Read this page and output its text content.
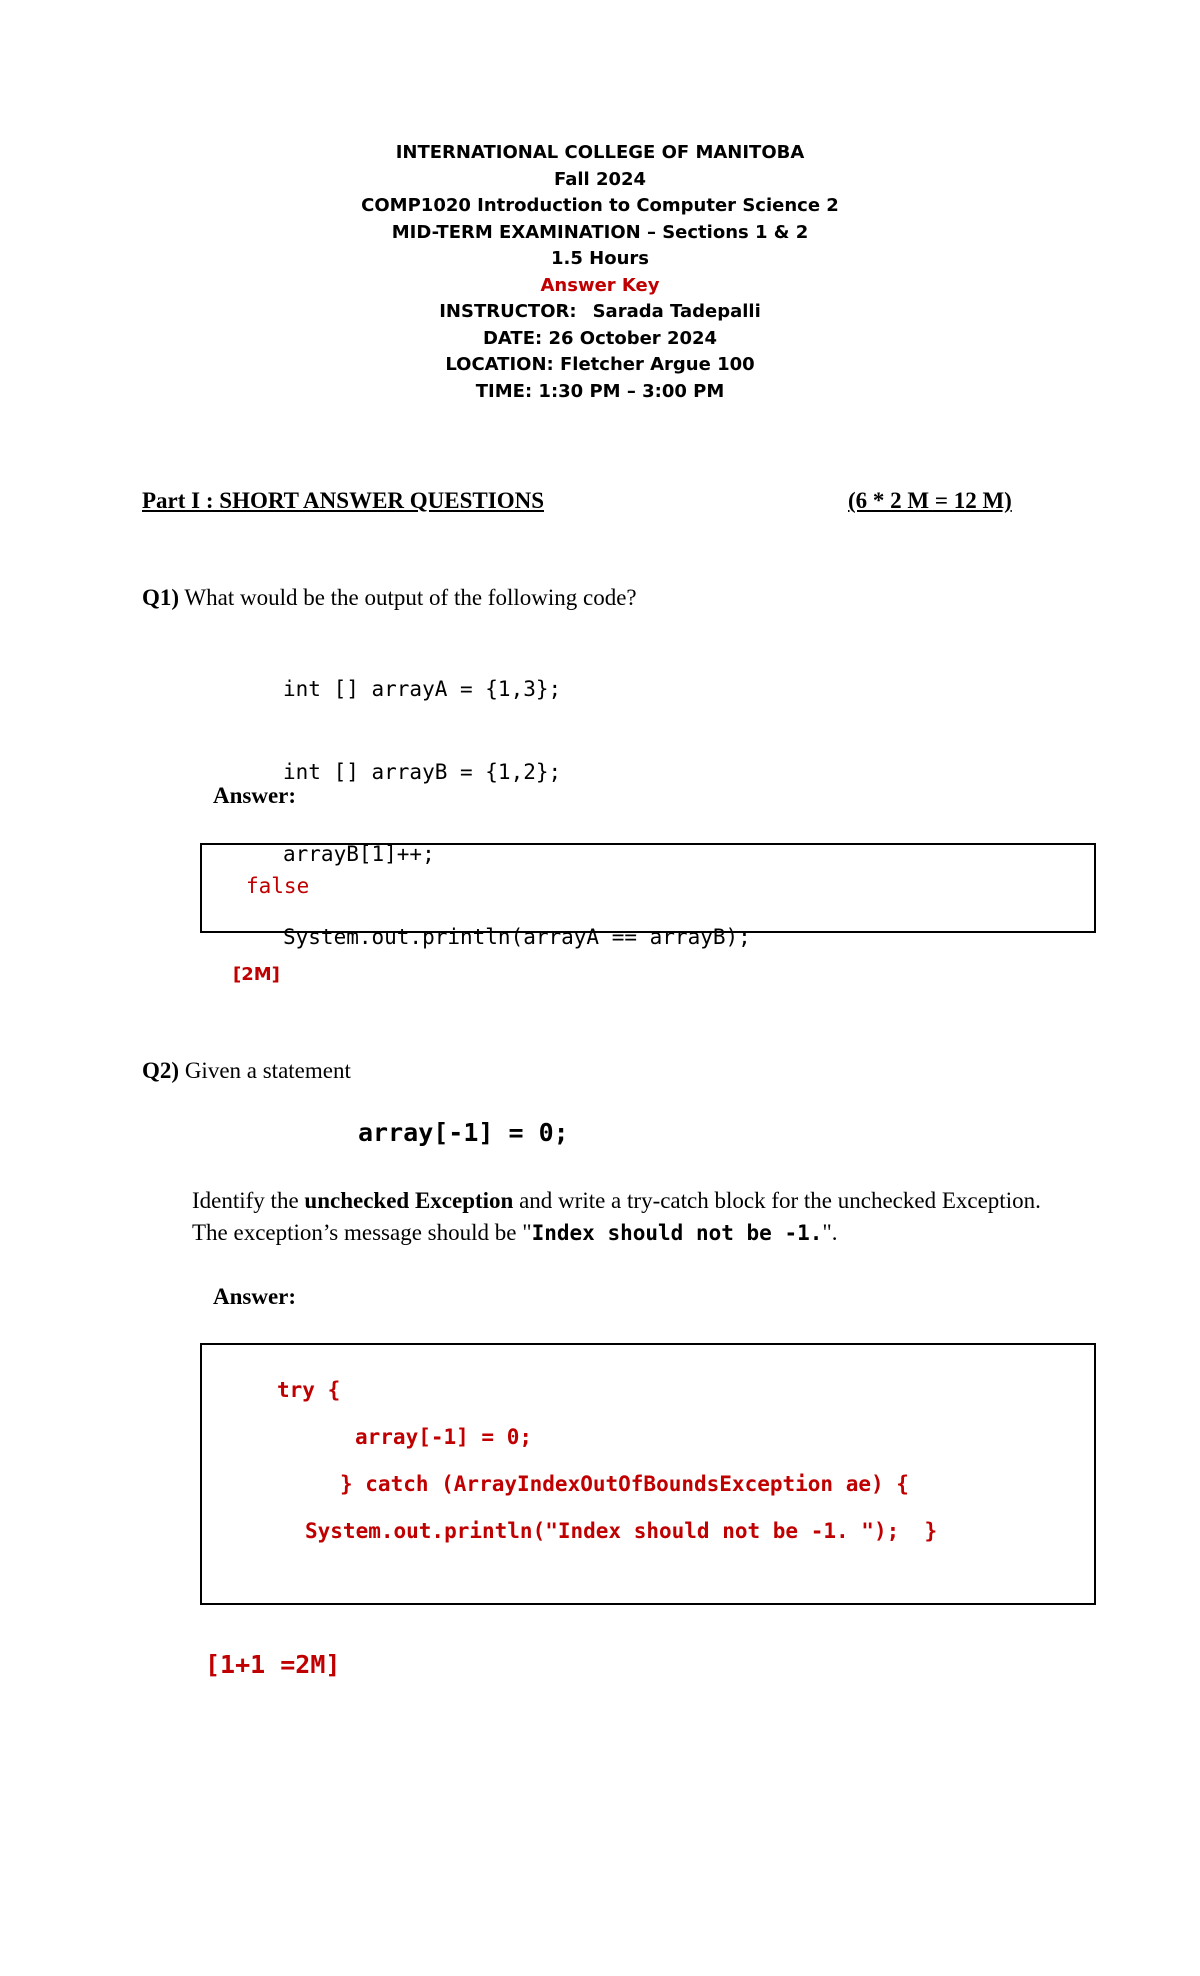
INTERNATIONAL COLLEGE OF MANITOBA
Fall 2024
COMP1020 Introduction to Computer Science 2
MID-TERM EXAMINATION – Sections 1 & 2
1.5 Hours
Answer Key
INSTRUCTOR: Sarada Tadepalli
DATE: 26 October 2024
LOCATION: Fletcher Argue 100
TIME: 1:30 PM – 3:00 PM
Part I : SHORT ANSWER QUESTIONS	(6 * 2 M = 12 M)
Q1) What would be the output of the following code?

int [] arrayA = {1,3};

int [] arrayB = {1,2};

arrayB[1]++;

System.out.println(arrayA == arrayB);

Answer:
false
[2M]
Q2) Given a statement
array[-1] = 0;
Identify the unchecked Exception and write a try-catch block for the unchecked Exception. The exception’s message should be "Index should not be -1.".
Answer:
try {
array[-1] = 0;
} catch (ArrayIndexOutOfBoundsException ae) {
System.out.println("Index should not be -1. ");  }
[1+1 =2M]
